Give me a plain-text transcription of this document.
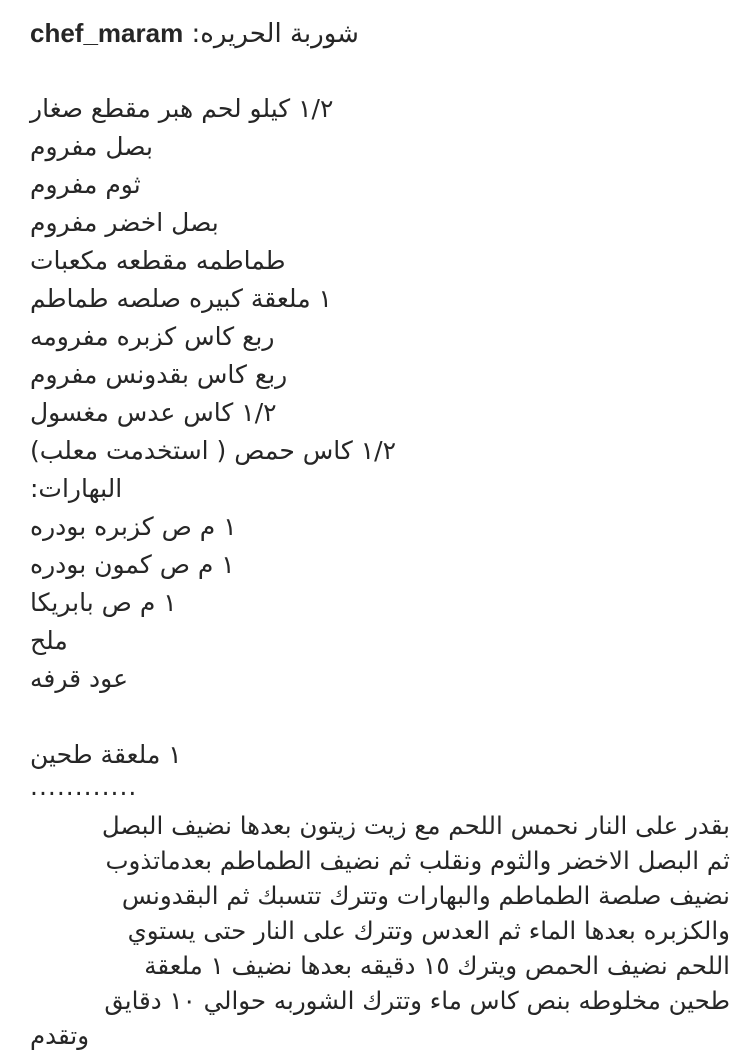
chef_maram شوربة الحريره:
١/٢ كيلو لحم هبر مقطع صغار
بصل مفروم
ثوم مفروم
بصل اخضر مفروم
طماطمه مقطعه مكعبات
١ ملعقة كبيره صلصه طماطم
ربع كاس كزبره مفرومه
ربع كاس بقدونس مفروم
١/٢ كاس عدس مغسول
١/٢ كاس حمص ( استخدمت معلب)
البهارات:
١ م ص كزبره بودره
١ م ص كمون بودره
١ م ص بابريكا
ملح
عود قرفه
١ ملعقة طحين
............
بقدر على النار نحمس اللحم مع زيت زيتون بعدها نضيف البصل
ثم البصل الاخضر والثوم ونقلب ثم نضيف الطماطم بعدماتذوب
نضيف صلصة الطماطم والبهارات وتترك تتسبك ثم البقدونس
والكزبره بعدها الماء ثم العدس وتترك على النار حتى يستوي
اللحم نضيف الحمص ويترك ١٥ دقيقه بعدها نضيف ١ ملعقة
طحين مخلوطه بنص كاس ماء وتترك الشوربه حوالي ١٠ دقايق
وتقدم
